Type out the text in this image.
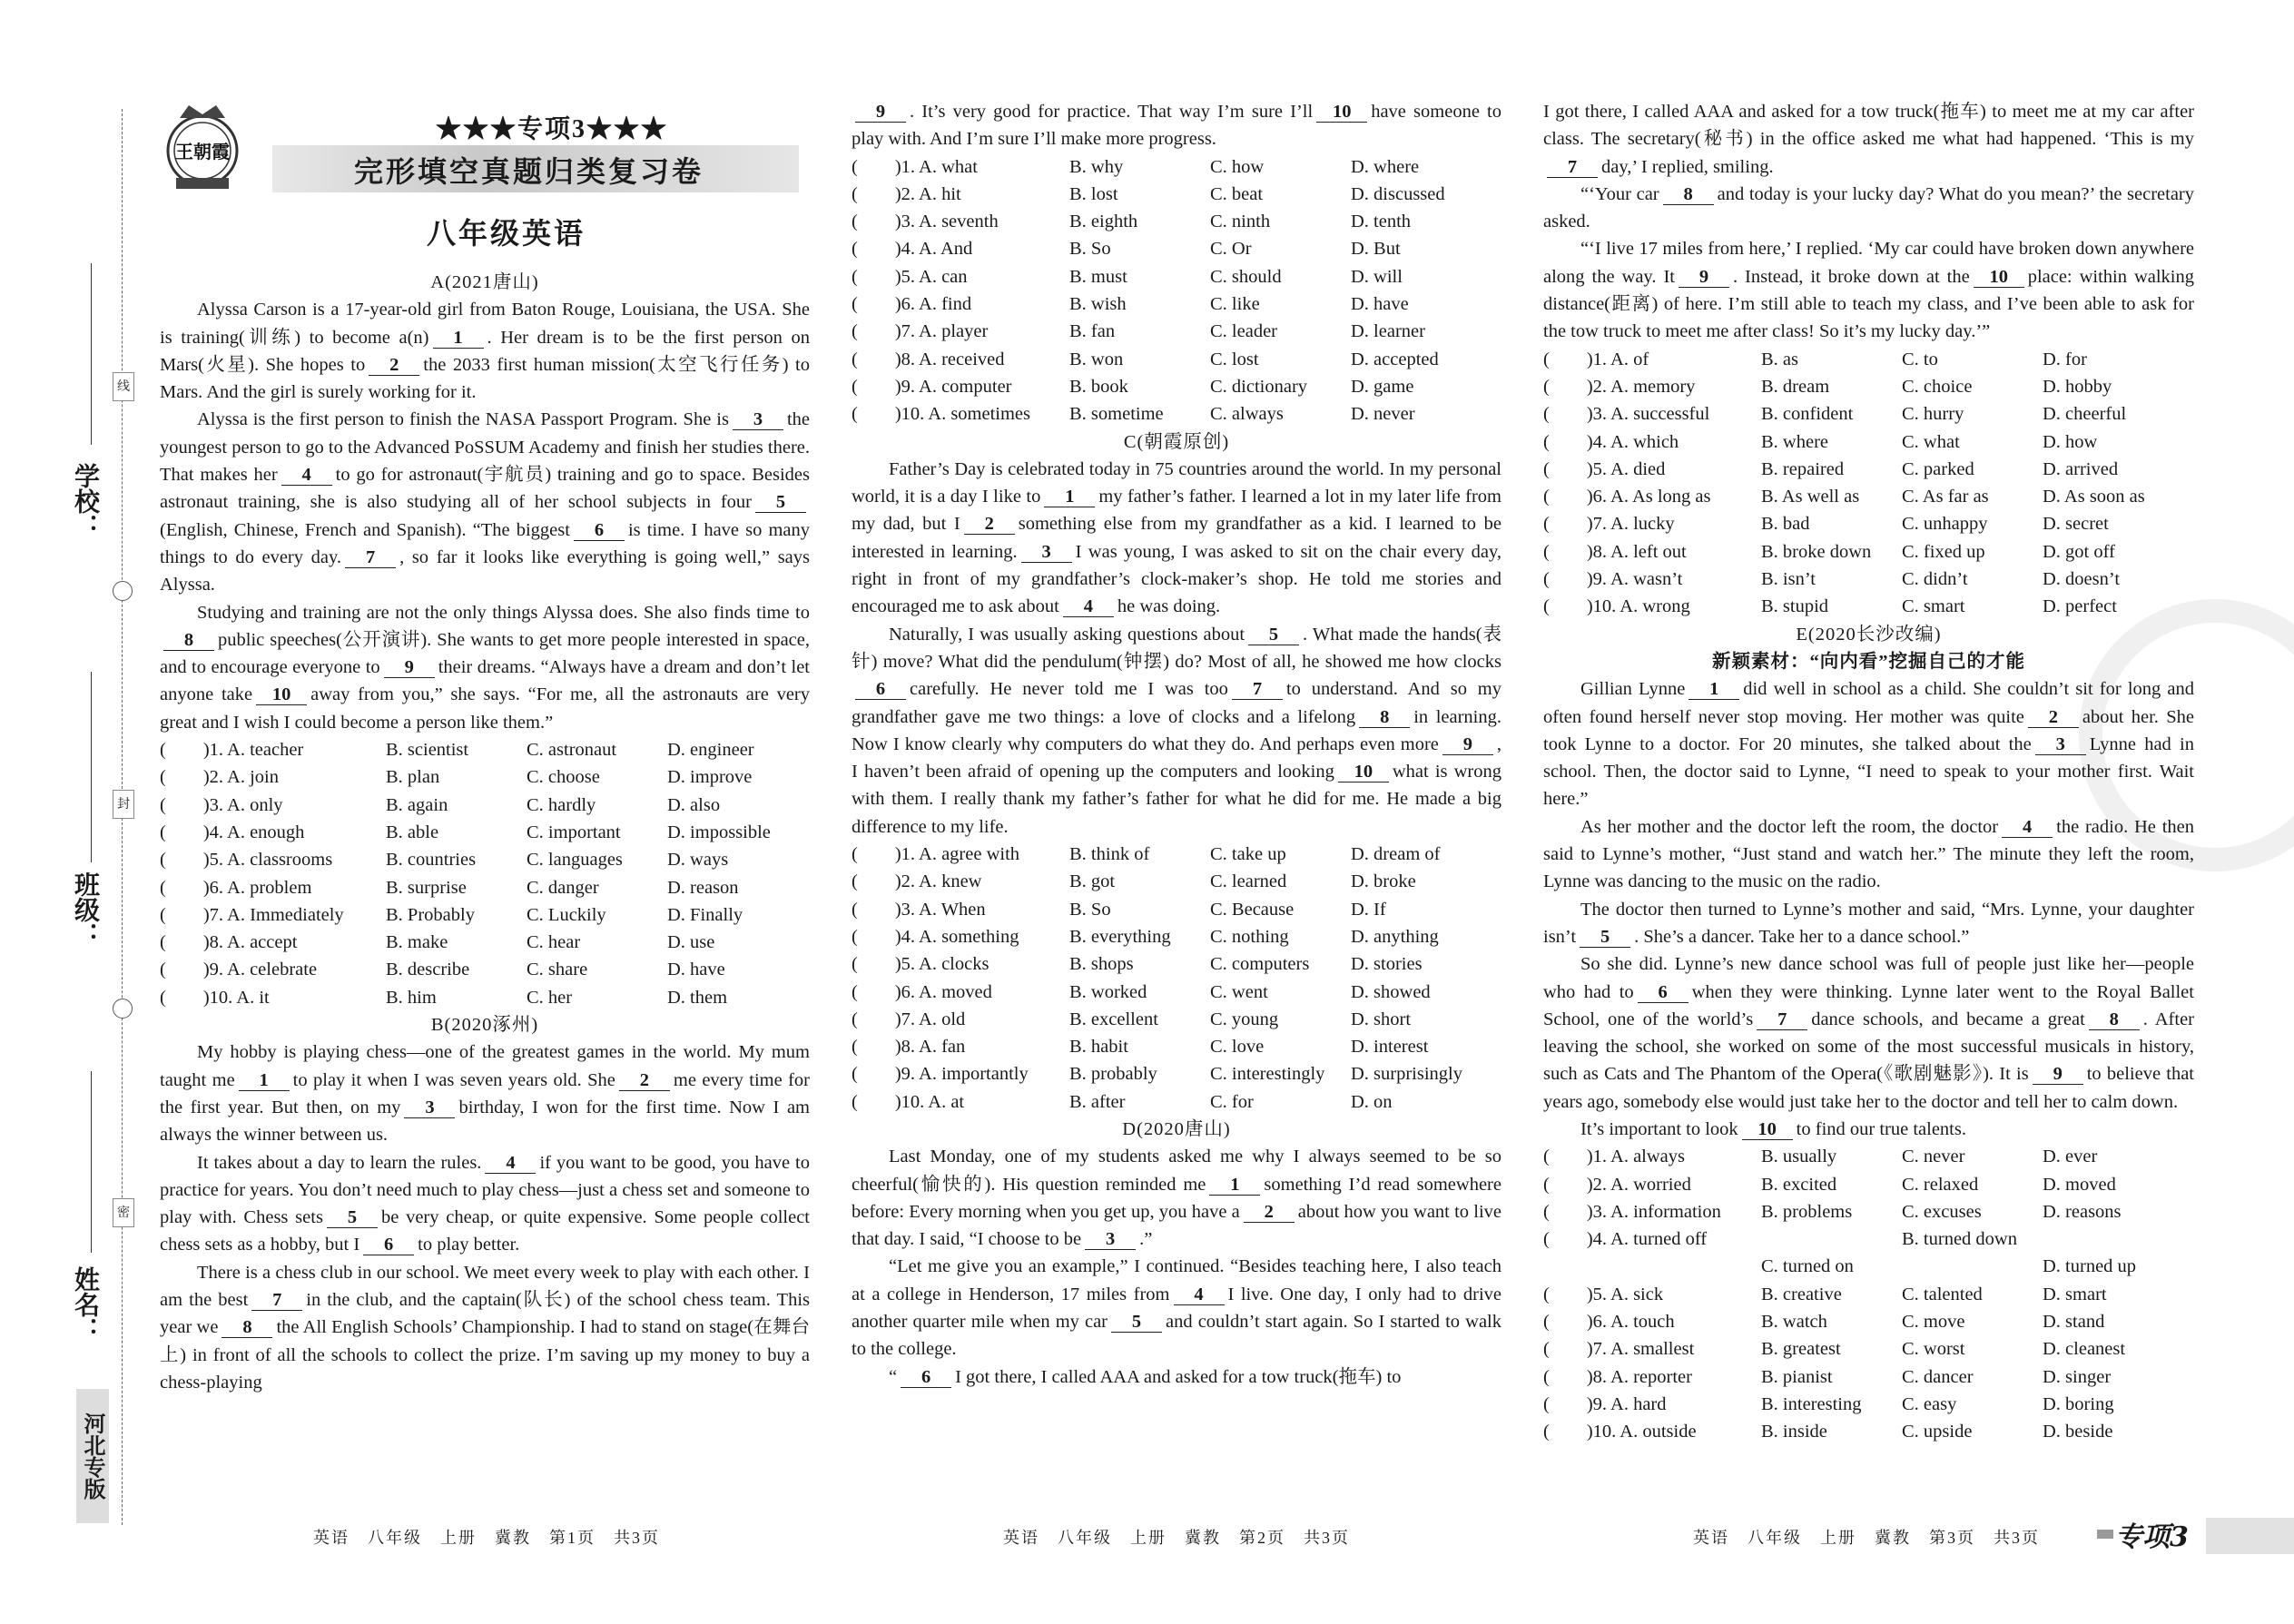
线
封
密
学校：
班级：
姓名：
河北专版
王朝霞
★★★专项3★★★
完形填空真题归类复习卷
八年级英语

A(2021唐山)

Alyssa Carson is a 17-year-old girl from Baton Rouge, Louisiana, the USA. She is training(训练) to become a(n) 1 . Her dream is to be the first person on Mars(火星). She hopes to 2 the 2033 first human mission(太空飞行任务) to Mars. And the girl is surely working for it.

Alyssa is the first person to finish the NASA Passport Program. She is 3 the youngest person to go to the Advanced PoSSUM Academy and finish her studies there. That makes her 4 to go for astronaut(宇航员) training and go to space. Besides astronaut training, she is also studying all of her school subjects in four 5(English, Chinese, French and Spanish). “The biggest 6 is time. I have so many things to do every day. 7 , so far it looks like everything is going well,” says Alyssa.

Studying and training are not the only things Alyssa does. She also finds time to8 public speeches(公开演讲). She wants to get more people interested in space, and to encourage everyone to 9 their dreams. “Always have a dream and don’t let anyone take 10 away from you,” she says. “For me, all the astronauts are very great and I wish I could become a person like them.”

(　　)1. A. teacher	B. scientist	C. astronaut	D. engineer
(　　)2. A. join	B. plan	C. choose	D. improve
(　　)3. A. only	B. again	C. hardly	D. also
(　　)4. A. enough	B. able	C. important	D. impossible
(　　)5. A. classrooms	B. countries	C. languages	D. ways
(　　)6. A. problem	B. surprise	C. danger	D. reason
(　　)7. A. Immediately B. Probably	C. Luckily	D. Finally
(　　)8. A. accept	B. make	C. hear	D. use
(　　)9. A. celebrate	B. describe	C. share	D. have
(　　)10. A. it	B. him	C. her	D. them

B(2020涿州)

My hobby is playing chess—one of the greatest games in the world. My mum taught me 1 to play it when I was seven years old. She 2 me every time for the first year. But then, on my 3 birthday, I won for the first time. Now I am always the winner between us.

It takes about a day to learn the rules. 4 if you want to be good, you have to practice for years. You don’t need much to play chess—just a chess set and someone to play with. Chess sets 5 be very cheap, or quite expensive. Some people collect chess sets as a hobby, but I 6 to play better.

There is a chess club in our school. We meet every week to play with each other. I am the best 7 in the club, and the captain(队长) of the school chess team. This year we 8 the All English Schools’ Championship. I had to stand on stage(在舞台上) in front of all the schools to collect the prize. I’m saving up my money to buy a chess-playing

9 . It’s very good for practice. That way I’m sure I’ll 10 have someone to play with. And I’m sure I’ll make more progress.

(　　)1. A. what	B. why	C. how	D. where
(　　)2. A. hit	B. lost	C. beat	D. discussed
(　　)3. A. seventh	B. eighth	C. ninth	D. tenth
(　　)4. A. And	B. So	C. Or	D. But
(　　)5. A. can	B. must	C. should	D. will
(　　)6. A. find	B. wish	C. like	D. have
(　　)7. A. player	B. fan	C. leader	D. learner
(　　)8. A. received	B. won	C. lost	D. accepted
(　　)9. A. computer	B. book	C. dictionary	D. game
(　　)10. A. sometimes B. sometime	C. always	D. never

C(朝霞原创)

Father’s Day is celebrated today in 75 countries around the world. In my personal world, it is a day I like to 1 my father’s father. I learned a lot in my later life from my dad, but I 2 something else from my grandfather as a kid. I learned to be interested in learning. 3 I was young, I was asked to sit on the chair every day, right in front of my grandfather’s clock-maker’s shop. He told me stories and encouraged me to ask about 4 he was doing.

Naturally, I was usually asking questions about 5 . What made the hands(表针) move? What did the pendulum(钟摆) do? Most of all, he showed me how clocks6 carefully. He never told me I was too 7 to understand. And so my grandfather gave me two things: a love of clocks and a lifelong 8 in learning. Now I know clearly why computers do what they do. And perhaps even more 9 , I haven’t been afraid of opening up the computers and looking 10 what is wrong with them. I really thank my father’s father for what he did for me. He made a big difference to my life.

(　　)1. A. agree with	B. think of	C. take up	D. dream of
(　　)2. A. knew	B. got	C. learned	D. broke
(　　)3. A. When	B. So	C. Because	D. If
(　　)4. A. something	B. everything	C. nothing	D. anything
(　　)5. A. clocks	B. shops	C. computers	D. stories
(　　)6. A. moved	B. worked	C. went	D. showed
(　　)7. A. old	B. excellent	C. young	D. short
(　　)8. A. fan	B. habit	C. love	D. interest
(　　)9. A. importantly B. probably	C. interestingly	D. surprisingly
(　　)10. A. at	B. after	C. for	D. on

D(2020唐山)

Last Monday, one of my students asked me why I always seemed to be so cheerful(愉快的). His question reminded me 1 something I’d read somewhere before: Every morning when you get up, you have a 2 about how you want to live that day. I said, “I choose to be 3 .”

“Let me give you an example,” I continued. “Besides teaching here, I also teach at a college in Henderson, 17 miles from 4 I live. One day, I only had to drive another quarter mile when my car 5 and couldn’t start again. So I started to walk to the college.

“ 6 I got there, I called AAA and asked for a tow truck(拖车) to

I got there, I called AAA and asked for a tow truck(拖车) to meet me at my car after class. The secretary(秘书) in the office asked me what had happened. ‘This is my7 day,’ I replied, smiling.

“‘Your car 8 and today is your lucky day? What do you mean?’ the secretary asked.

“‘I live 17 miles from here,’ I replied. ‘My car could have broken down anywhere along the way. It 9 . Instead, it broke down at the 10 place: within walking distance(距离) of here. I’m still able to teach my class, and I’ve been able to ask for the tow truck to meet me after class! So it’s my lucky day.’”

(　　)1. A. of	B. as	C. to	D. for
(　　)2. A. memory	B. dream	C. choice	D. hobby
(　　)3. A. successful	B. confident	C. hurry	D. cheerful
(　　)4. A. which	B. where	C. what	D. how
(　　)5. A. died	B. repaired	C. parked	D. arrived
(　　)6. A. As long as	B. As well as	C. As far as	D. As soon as
(　　)7. A. lucky	B. bad	C. unhappy	D. secret
(　　)8. A. left out	B. broke down	C. fixed up	D. got off
(　　)9. A. wasn’t	B. isn’t	C. didn’t	D. doesn’t
(　　)10. A. wrong	B. stupid	C. smart	D. perfect

E(2020长沙改编)

新颖素材：“向内看”挖掘自己的才能

Gillian Lynne 1 did well in school as a child. She couldn’t sit for long and often found herself never stop moving. Her mother was quite 2 about her. She took Lynne to a doctor. For 20 minutes, she talked about the 3 Lynne had in school. Then, the doctor said to Lynne, “I need to speak to your mother first. Wait here.”

As her mother and the doctor left the room, the doctor 4 the radio. He then said to Lynne’s mother, “Just stand and watch her.” The minute they left the room, Lynne was dancing to the music on the radio.

The doctor then turned to Lynne’s mother and said, “Mrs. Lynne, your daughter isn’t 5 . She’s a dancer. Take her to a dance school.”

So she did. Lynne’s new dance school was full of people just like her—people who had to 6 when they were thinking. Lynne later went to the Royal Ballet School, one of the world’s 7 dance schools, and became a great 8 . After leaving the school, she worked on some of the most successful musicals in history, such as Cats and The Phantom of the Opera(《歌剧魅影》). It is 9 to believe that years ago, somebody else would just take her to the doctor and tell her to calm down.

It’s important to look 10 to find our true talents.

(　　)1. A. always	B. usually	C. never	D. ever
(　　)2. A. worried	B. excited	C. relaxed	D. moved
(　　)3. A. information B. problems	C. excuses	D. reasons
(　　)4. A. turned off	B. turned down
C. turned on	D. turned up
(　　)5. A. sick	B. creative	C. talented	D. smart
(　　)6. A. touch	B. watch	C. move	D. stand
(　　)7. A. smallest	B. greatest	C. worst	D. cleanest
(　　)8. A. reporter	B. pianist	C. dancer	D. singer
(　　)9. A. hard	B. interesting	C. easy	D. boring
(　　)10. A. outside	B. inside	C. upside	D. beside
英语　八年级　上册　冀教　第1页　共3页	英语　八年级　上册　冀教　第2页　共3页	英语　八年级　上册　冀教　第3页　共3页	专项3
